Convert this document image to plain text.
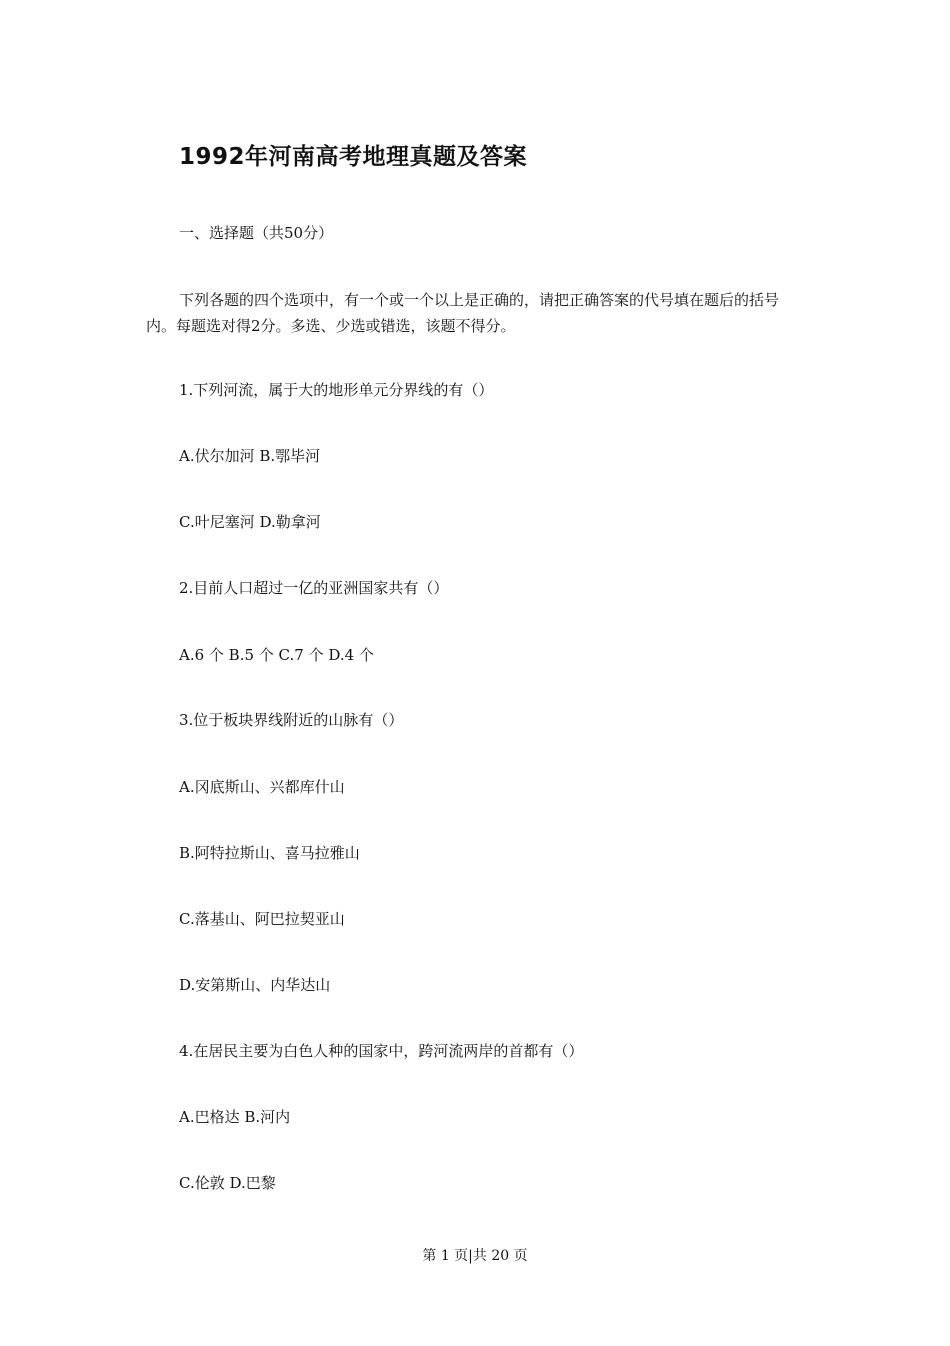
1992年河南高考地理真题及答案
一、选择题（共50分）
下列各题的四个选项中，有一个或一个以上是正确的，请把正确答案的代号填在题后的括号内。每题选对得2分。多选、少选或错选，该题不得分。
1.下列河流，属于大的地形单元分界线的有（）
A.伏尔加河 B.鄂毕河
C.叶尼塞河 D.勒拿河
2.目前人口超过一亿的亚洲国家共有（）
A.6 个 B.5 个 C.7 个 D.4 个
3.位于板块界线附近的山脉有（）
A.冈底斯山、兴都库什山
B.阿特拉斯山、喜马拉雅山
C.落基山、阿巴拉契亚山
D.安第斯山、内华达山
4.在居民主要为白色人种的国家中，跨河流两岸的首都有（）
A.巴格达 B.河内
C.伦敦 D.巴黎
第 1 页|共 20 页
